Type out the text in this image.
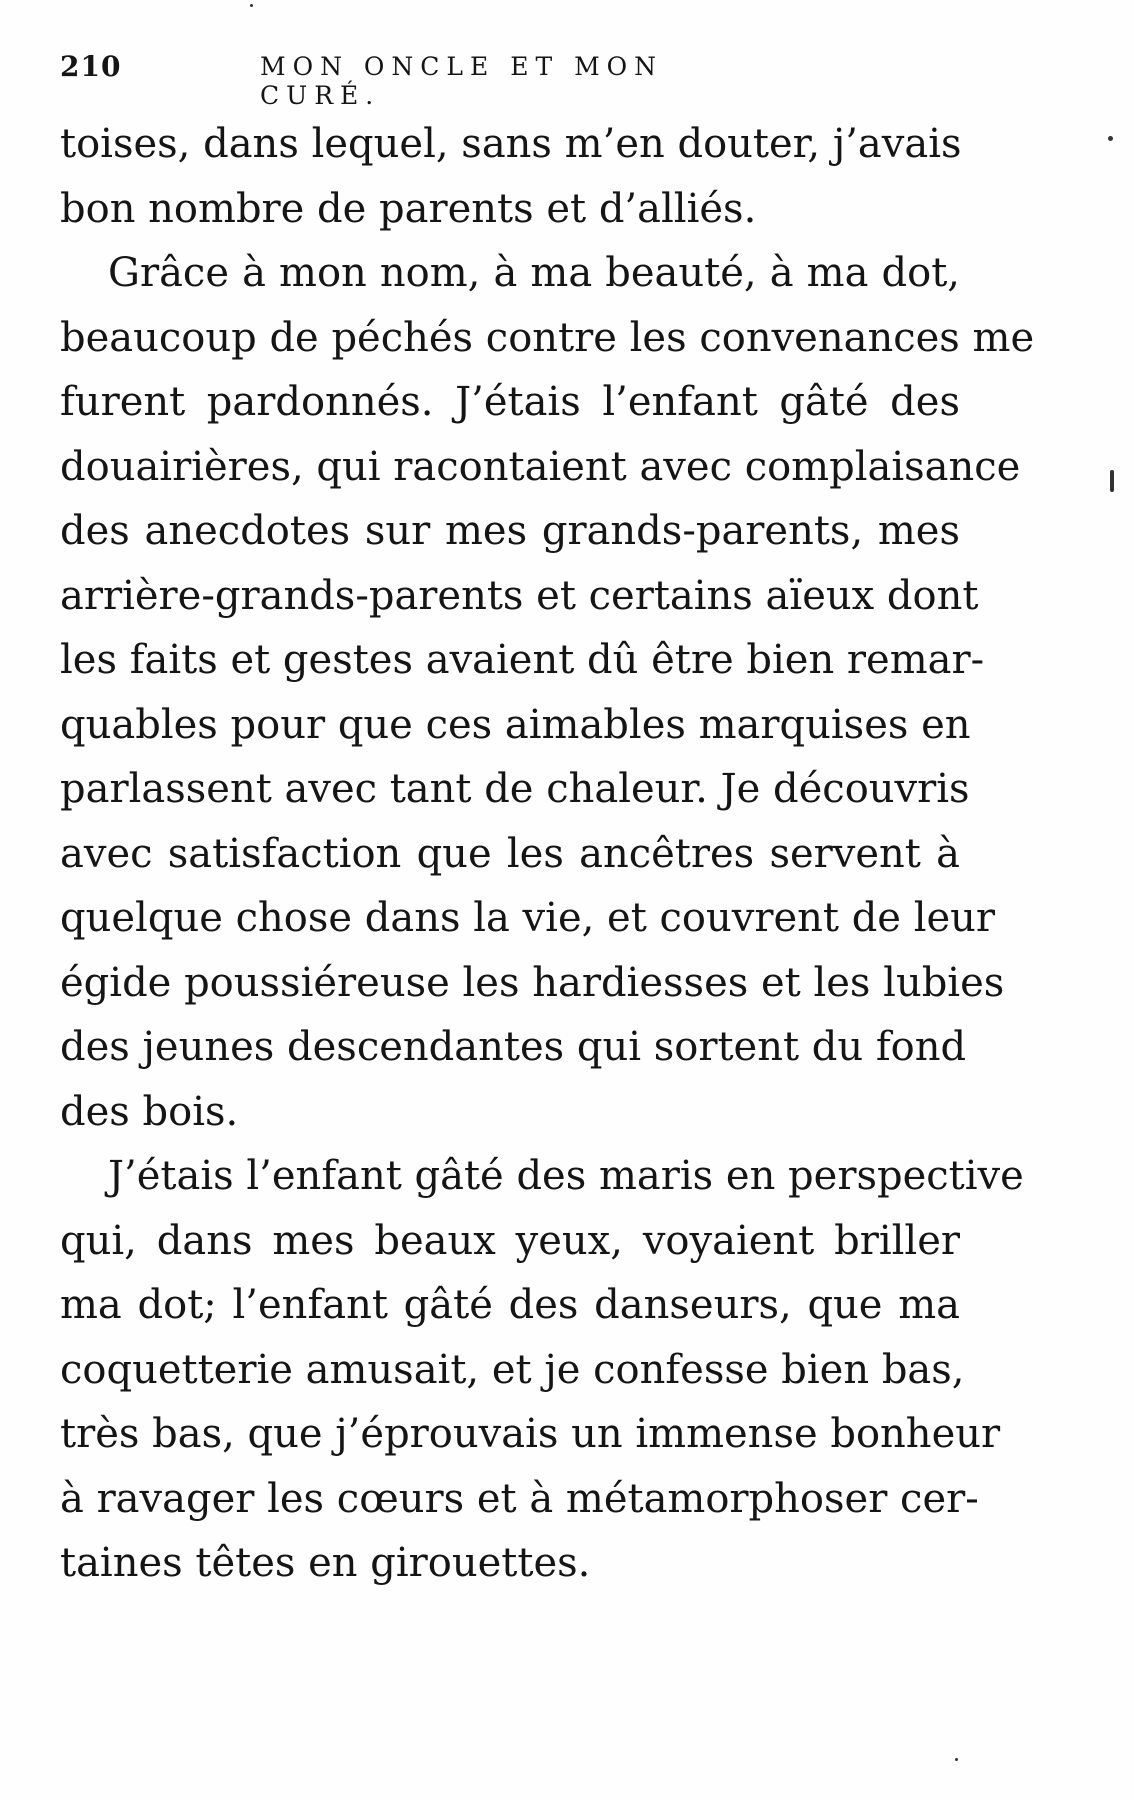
210	MON ONCLE ET MON CURÉ.
toises, dans lequel, sans m’en douter, j’avais
bon nombre de parents et d’alliés.
Grâce à mon nom, à ma beauté, à ma dot,
beaucoup de péchés contre les convenances me
furent pardonnés. J’étais l’enfant gâté des
douairières, qui racontaient avec complaisance
des anecdotes sur mes grands-parents, mes
arrière-grands-parents et certains aïeux dont
les faits et gestes avaient dû être bien remar-
quables pour que ces aimables marquises en
parlassent avec tant de chaleur. Je découvris
avec satisfaction que les ancêtres servent à
quelque chose dans la vie, et couvrent de leur
égide poussiéreuse les hardiesses et les lubies
des jeunes descendantes qui sortent du fond
des bois.
J’étais l’enfant gâté des maris en perspective
qui, dans mes beaux yeux, voyaient briller
ma dot; l’enfant gâté des danseurs, que ma
coquetterie amusait, et je confesse bien bas,
très bas, que j’éprouvais un immense bonheur
à ravager les cœurs et à métamorphoser cer-
taines têtes en girouettes.
